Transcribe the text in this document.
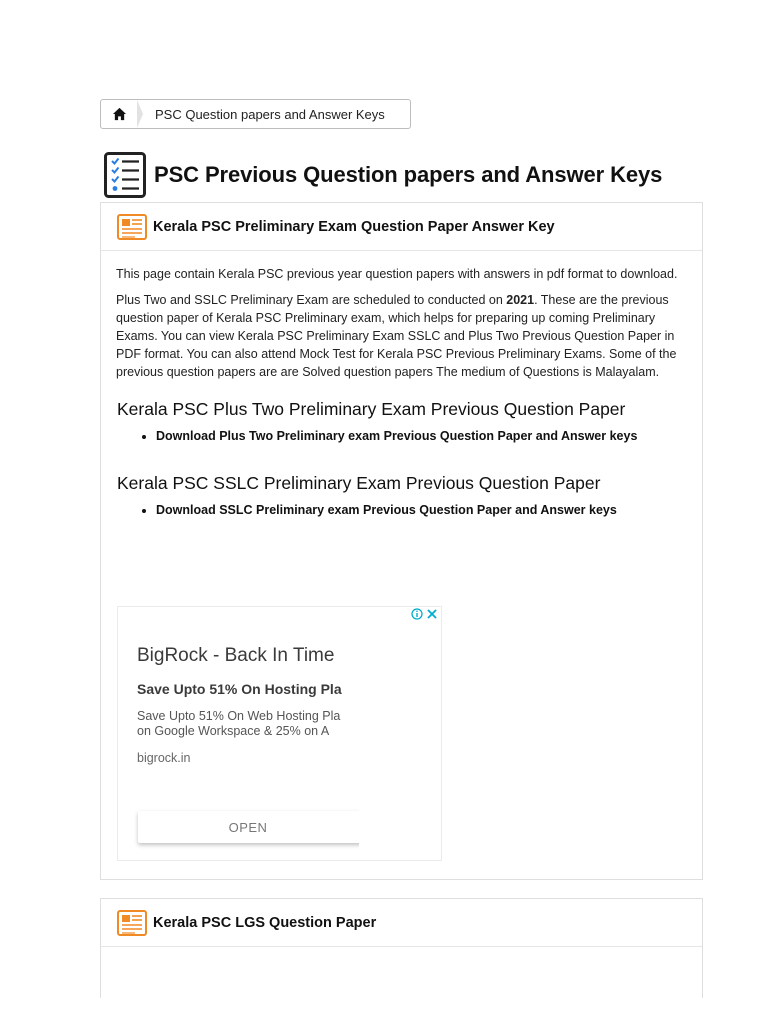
PSC Question papers and Answer Keys
PSC Previous Question papers and Answer Keys
Kerala PSC Preliminary Exam Question Paper Answer Key

This page contain Kerala PSC previous year question papers with answers in pdf format to download.

Plus Two and SSLC Preliminary Exam are scheduled to conducted on 2021. These are the previous question paper of Kerala PSC Preliminary exam, which helps for preparing up coming Preliminary Exams. You can view Kerala PSC Preliminary Exam SSLC and Plus Two Previous Question Paper in PDF format. You can also attend Mock Test for Kerala PSC Previous Preliminary Exams. Some of the previous question papers are are Solved question papers The medium of Questions is Malayalam.

Kerala PSC Plus Two Preliminary Exam Previous Question Paper
• Download Plus Two Preliminary exam Previous Question Paper and Answer keys
Kerala PSC SSLC Preliminary Exam Previous Question Paper
• Download SSLC Preliminary exam Previous Question Paper and Answer keys
BigRock - Back In Time
Save Upto 51% On Hosting Pla
Save Upto 51% On Web Hosting Pla
on Google Workspace & 25% on A
bigrock.in
OPEN
Kerala PSC LGS Question Paper
